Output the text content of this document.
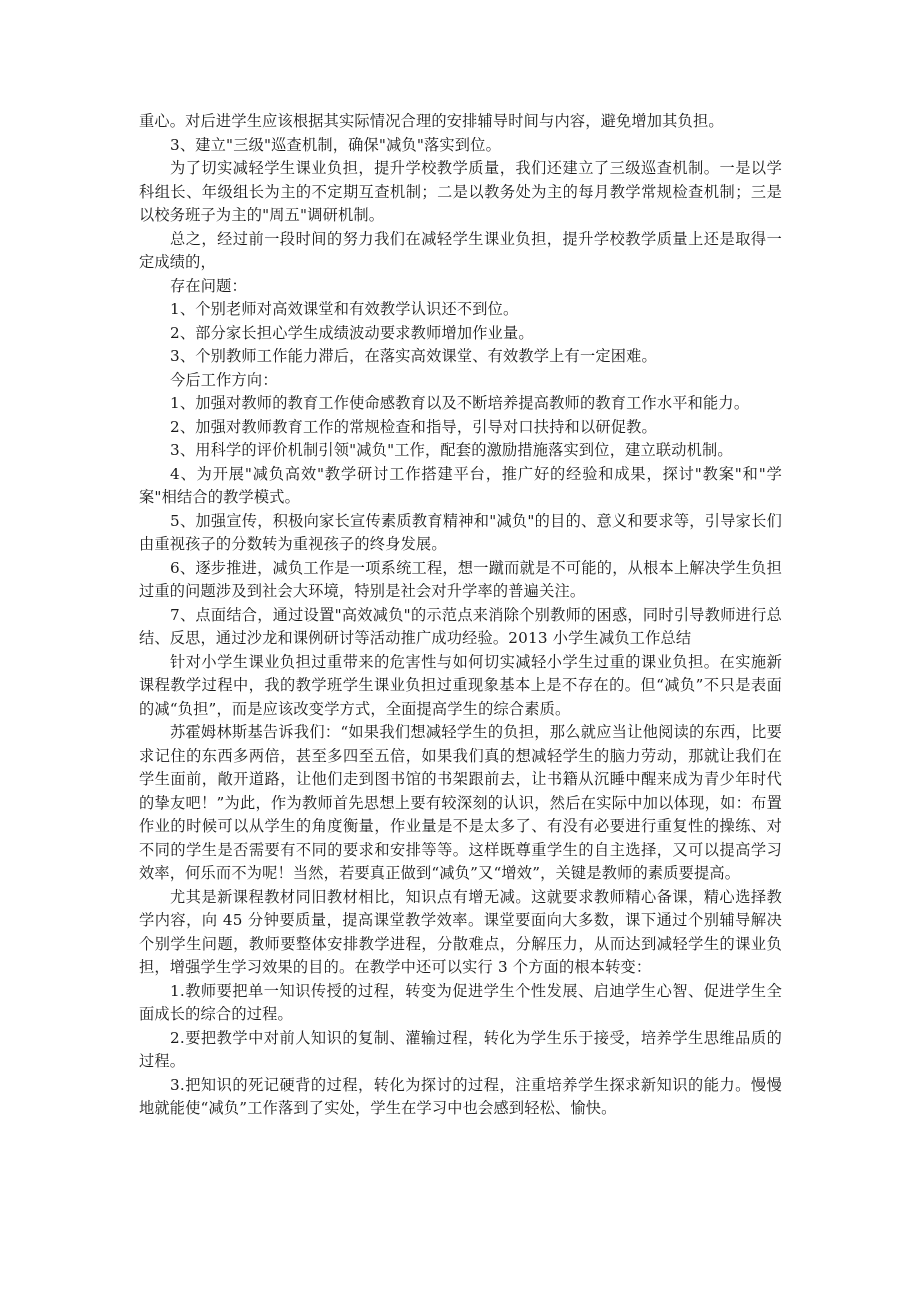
重心。对后进学生应该根据其实际情况合理的安排辅导时间与内容，避免增加其负担。

3、建立"三级"巡查机制，确保"减负"落实到位。

为了切实减轻学生课业负担，提升学校教学质量，我们还建立了三级巡查机制。一是以学科组长、年级组长为主的不定期互查机制；二是以教务处为主的每月教学常规检查机制；三是以校务班子为主的"周五"调研机制。

总之，经过前一段时间的努力我们在减轻学生课业负担，提升学校教学质量上还是取得一定成绩的，

存在问题：

1、个别老师对高效课堂和有效教学认识还不到位。

2、部分家长担心学生成绩波动要求教师增加作业量。

3、个别教师工作能力滞后，在落实高效课堂、有效教学上有一定困难。

今后工作方向：

1、加强对教师的教育工作使命感教育以及不断培养提高教师的教育工作水平和能力。

2、加强对教师教育工作的常规检查和指导，引导对口扶持和以研促教。

3、用科学的评价机制引领"减负"工作，配套的激励措施落实到位，建立联动机制。

4、为开展"减负高效"教学研讨工作搭建平台，推广好的经验和成果，探讨"教案"和"学案"相结合的教学模式。

5、加强宣传，积极向家长宣传素质教育精神和"减负"的目的、意义和要求等，引导家长们由重视孩子的分数转为重视孩子的终身发展。

6、逐步推进，减负工作是一项系统工程，想一蹴而就是不可能的，从根本上解决学生负担过重的问题涉及到社会大环境，特别是社会对升学率的普遍关注。

7、点面结合，通过设置"高效减负"的示范点来消除个别教师的困惑，同时引导教师进行总结、反思，通过沙龙和课例研讨等活动推广成功经验。2013 小学生减负工作总结

针对小学生课业负担过重带来的危害性与如何切实减轻小学生过重的课业负担。在实施新课程教学过程中，我的教学班学生课业负担过重现象基本上是不存在的。但“减负”不只是表面的减“负担”，而是应该改变学方式，全面提高学生的综合素质。

苏霍姆林斯基告诉我们：“如果我们想减轻学生的负担，那么就应当让他阅读的东西，比要求记住的东西多两倍，甚至多四至五倍，如果我们真的想减轻学生的脑力劳动，那就让我们在学生面前，敞开道路，让他们走到图书馆的书架跟前去，让书籍从沉睡中醒来成为青少年时代的挚友吧！”为此，作为教师首先思想上要有较深刻的认识，然后在实际中加以体现，如：布置作业的时候可以从学生的角度衡量，作业量是不是太多了、有没有必要进行重复性的操练、对不同的学生是否需要有不同的要求和安排等等。这样既尊重学生的自主选择，又可以提高学习效率，何乐而不为呢！当然，若要真正做到“减负”又“增效”，关键是教师的素质要提高。

尤其是新课程教材同旧教材相比，知识点有增无减。这就要求教师精心备课，精心选择教学内容，向 45 分钟要质量，提高课堂教学效率。课堂要面向大多数，课下通过个别辅导解决个别学生问题，教师要整体安排教学进程，分散难点，分解压力，从而达到减轻学生的课业负担，增强学生学习效果的目的。在教学中还可以实行 3 个方面的根本转变：

1.教师要把单一知识传授的过程，转变为促进学生个性发展、启迪学生心智、促进学生全面成长的综合的过程。

2.要把教学中对前人知识的复制、灌输过程，转化为学生乐于接受，培养学生思维品质的过程。

3.把知识的死记硬背的过程，转化为探讨的过程，注重培养学生探求新知识的能力。慢慢地就能使“减负”工作落到了实处，学生在学习中也会感到轻松、愉快。
